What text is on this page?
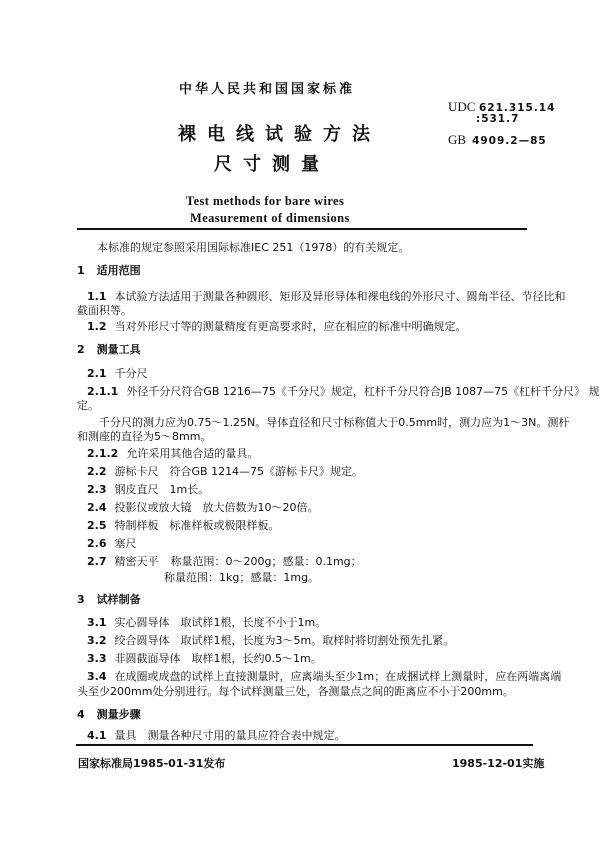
中华人民共和国国家标准
裸电线试验方法
尺寸测量
Test methods for bare wires
Measurement of dimensions
UDC 621.315.14
:531.7
GB 4909.2—85
本标准的规定参照采用国际标准IEC 251（1978）的有关规定。
1 适用范围
1.1 本试验方法适用于测量各种圆形、矩形及异形导体和裸电线的外形尺寸、圆角半径、节径比和
截面积等。
1.2 当对外形尺寸等的测量精度有更高要求时，应在相应的标准中明确规定。
2 测量工具
2.1 千分尺
2.1.1 外径千分尺符合GB 1216—75《千分尺》规定，杠杆千分尺符合JB 1087—75《杠杆千分尺》 规
定。
千分尺的测力应为0.75～1.25N。导体直径和尺寸标称值大于0.5mm时，测力应为1～3N。测杆
和测座的直径为5～8mm。
2.1.2 允许采用其他合适的量具。
2.2 游标卡尺　符合GB 1214—75《游标卡尺》规定。
2.3 钢皮直尺　1m长。
2.4 投影仪或放大镜　放大倍数为10～20倍。
2.5 特制样板　标准样板或极限样板。
2.6 塞尺
2.7 精密天平 称量范围：0～200g；感量：0.1mg；
称量范围：1kg；感量：1mg。
3 试样制备
3.1 实心圆导体　取试样1根，长度不小于1m。
3.2 绞合圆导体　取试样1根，长度为3～5m。取样时将切割处预先扎紧。
3.3 非圆截面导体　取样1根，长约0.5～1m。
3.4 在成圈或成盘的试样上直接测量时，应离端头至少1m；在成捆试样上测量时，应在两端离端
头至少200mm处分别进行。每个试样测量三处，各测量点之间的距离应不小于200mm。
4 测量步骤
4.1 量具　测量各种尺寸用的量具应符合表中规定。
国家标准局1985-01-31发布	1985-12-01实施
